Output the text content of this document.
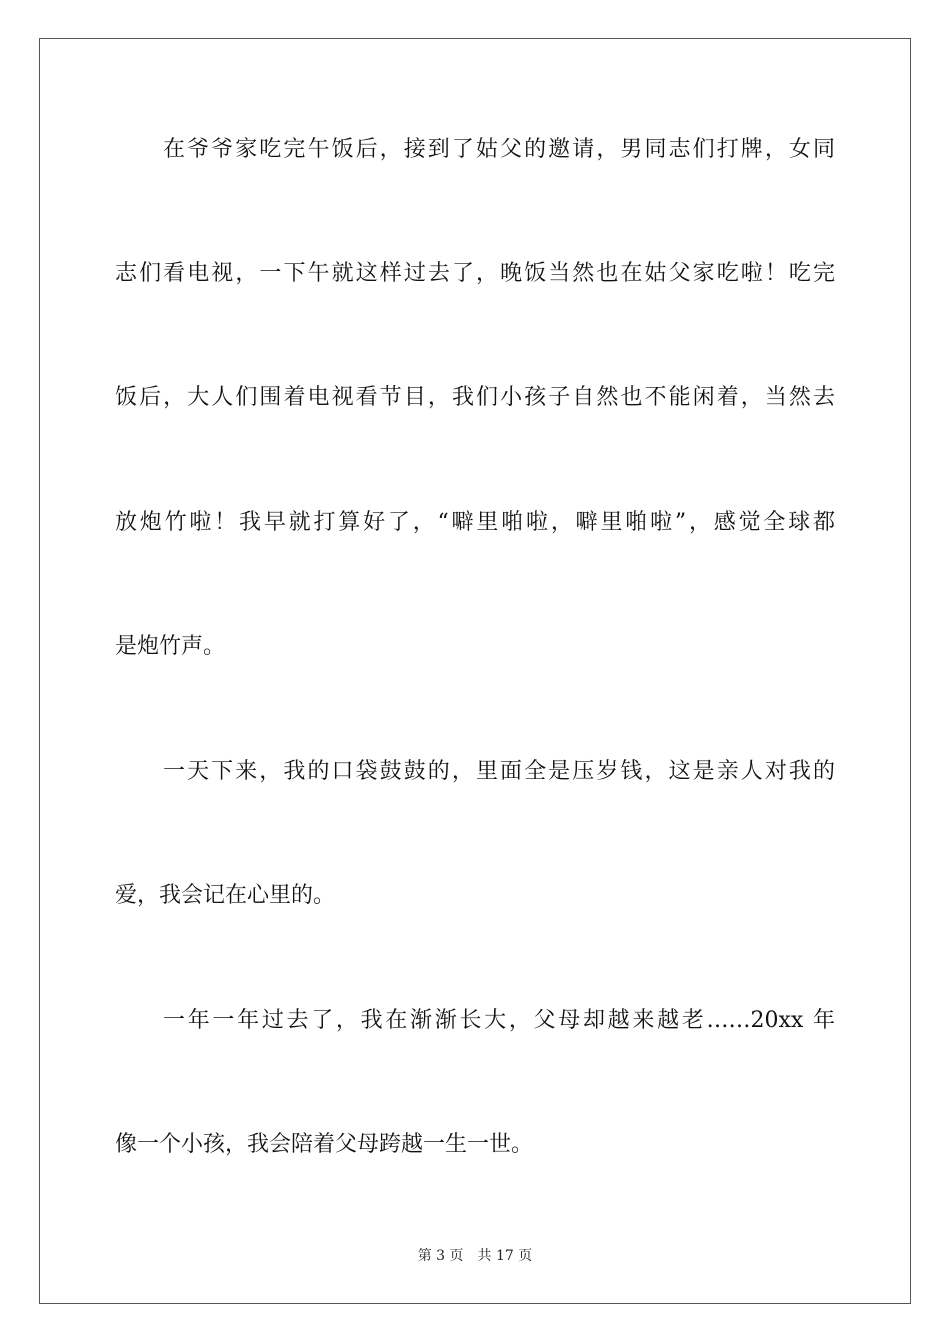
在爷爷家吃完午饭后，接到了姑父的邀请，男同志们打牌，女同
志们看电视，一下午就这样过去了，晚饭当然也在姑父家吃啦！吃完
饭后，大人们围着电视看节目，我们小孩子自然也不能闲着，当然去
放炮竹啦！我早就打算好了，“噼里啪啦，噼里啪啦”，感觉全球都
是炮竹声。
一天下来，我的口袋鼓鼓的，里面全是压岁钱，这是亲人对我的
爱，我会记在心里的。
一年一年过去了，我在渐渐长大，父母却越来越老……20xx 年
像一个小孩，我会陪着父母跨越一生一世。
第 3 页 共 17 页
